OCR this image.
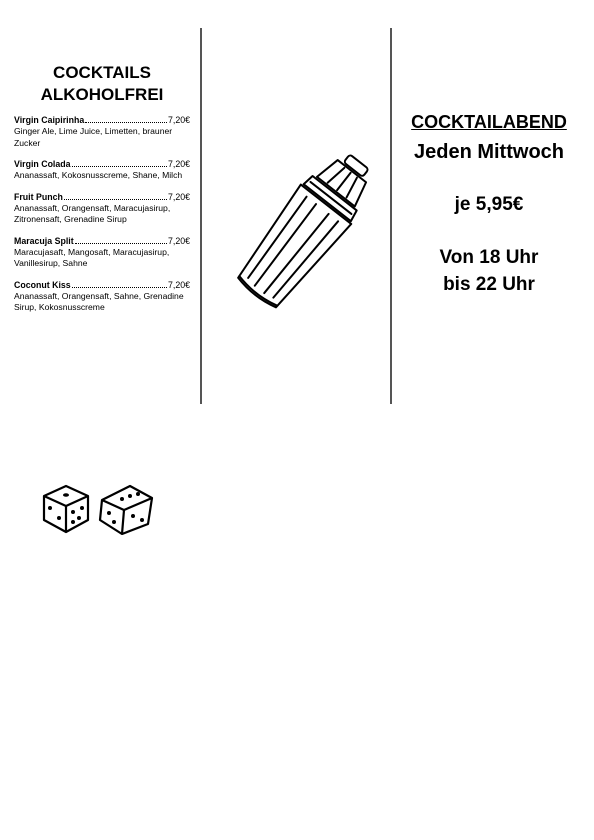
COCKTAILS
ALKOHOLFREI
Virgin Caipirinha	7,20€
Ginger Ale, Lime Juice, Limetten, brauner Zucker
Virgin Colada	7,20€
Ananassaft, Kokosnusscreme, Shane, Milch
Fruit Punch	7,20€
Ananassaft, Orangensaft, Maracujasirup, Zitronensaft, Grenadine Sirup
Maracuja Split	7,20€
Maracujasaft, Mangosaft, Maracujasirup, Vanillesirup, Sahne
Coconut Kiss	7,20€
Ananassaft, Orangensaft, Sahne, Grenadine Sirup, Kokosnusscreme
COCKTAILABEND
Jeden Mittwoch
je 5,95€
Von 18 Uhr
bis 22 Uhr
